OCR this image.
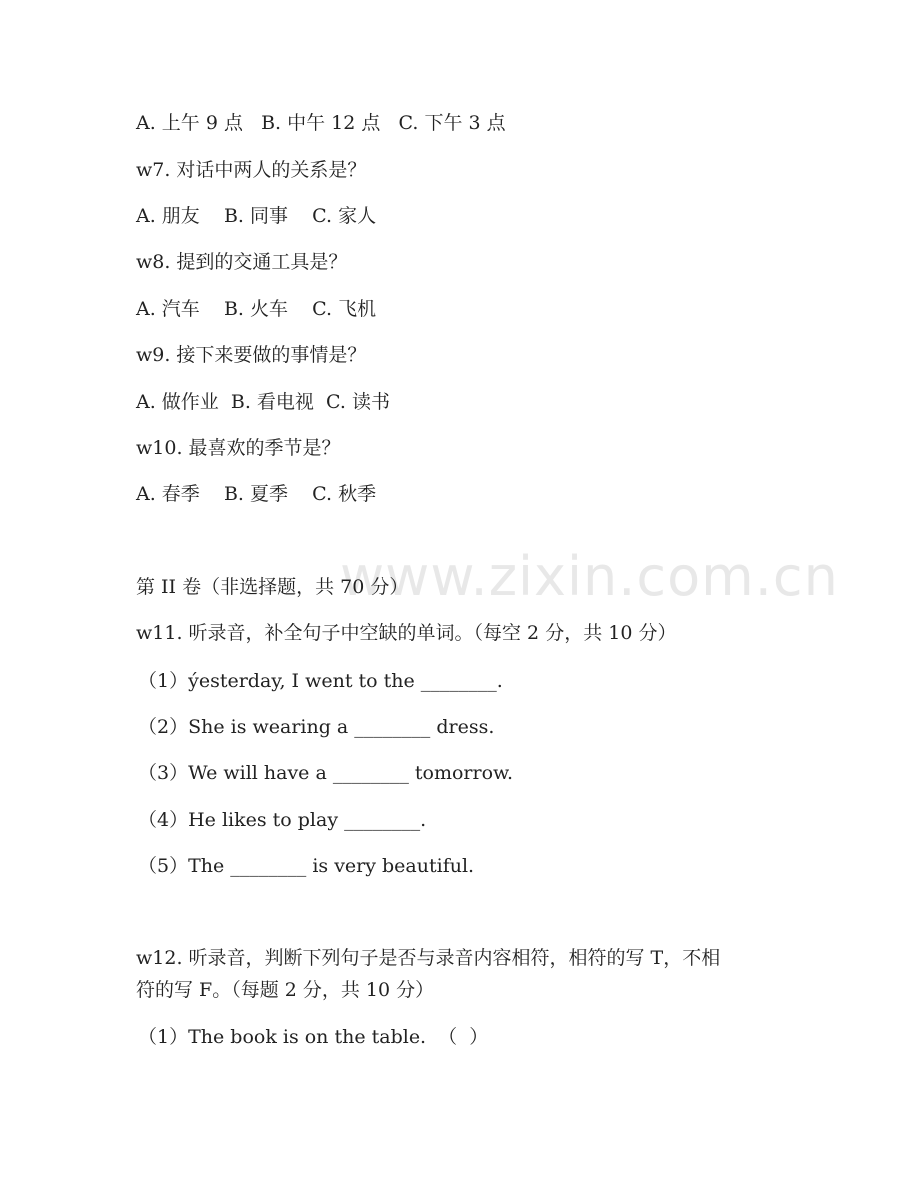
www.zixin.com.cn

A. 上午 9 点   B. 中午 12 点   C. 下午 3 点

w7. 对话中两人的关系是？

A. 朋友    B. 同事    C. 家人

w8. 提到的交通工具是？

A. 汽车    B. 火车    C. 飞机

w9. 接下来要做的事情是？

A. 做作业  B. 看电视  C. 读书

w10. 最喜欢的季节是？

A. 春季    B. 夏季    C. 秋季

第 II 卷（非选择题，共 70 分）

w11. 听录音，补全句子中空缺的单词。（每空 2 分，共 10 分）

（1）ýesterday, I went to the ________.

（2）She is wearing a ________ dress.

（3）We will have a ________ tomorrow.

（4）He likes to play ________.

（5）The ________ is very beautiful.

w12. 听录音，判断下列句子是否与录音内容相符，相符的写 T，不相

符的写 F。（每题 2 分，共 10 分）

（1）The book is on the table.  （  ）
